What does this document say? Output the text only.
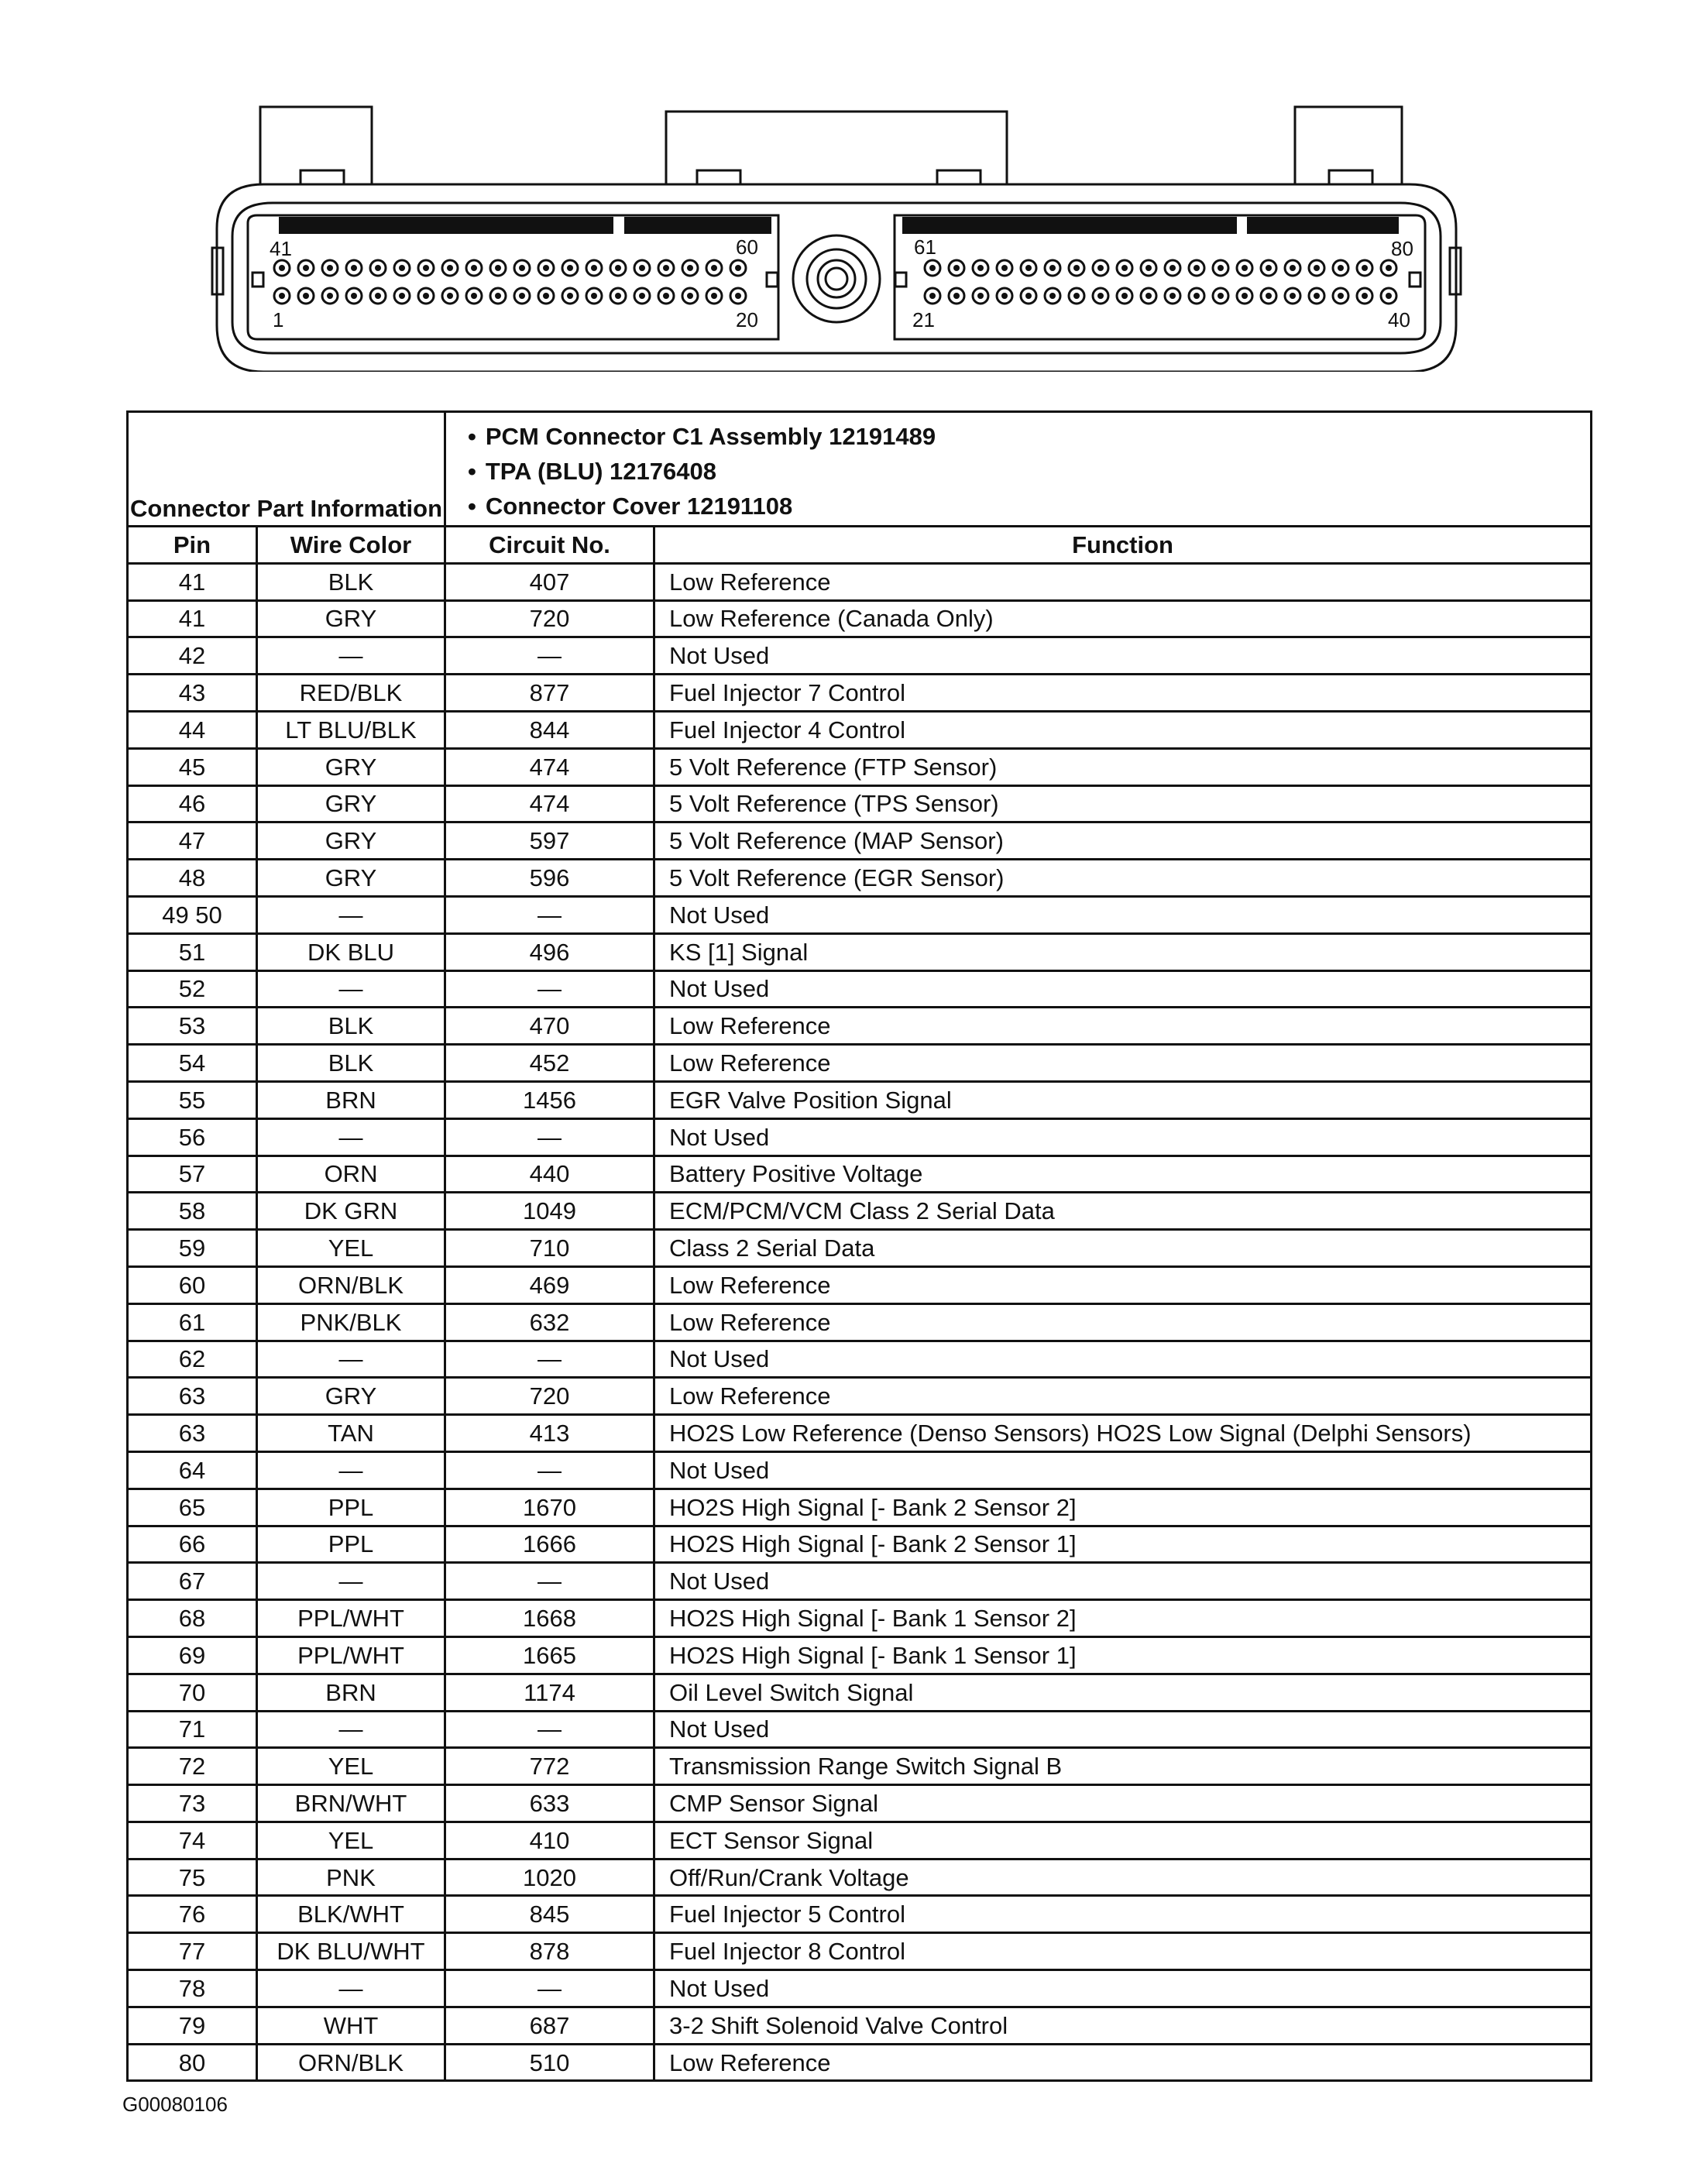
41	60
1	20
61	80
21	40
Connector Part Information		• PCM Connector C1 Assembly 12191489
• TPA (BLU) 12176408
• Connector Cover 12191108

Pin	Wire Color	Circuit No.	Function
41	BLK	407	Low Reference
41	GRY	720	Low Reference (Canada Only)
42	—	—	Not Used
43	RED/BLK	877	Fuel Injector 7 Control
44	LT BLU/BLK	844	Fuel Injector 4 Control
45	GRY	474	5 Volt Reference (FTP Sensor)
46	GRY	474	5 Volt Reference (TPS Sensor)
47	GRY	597	5 Volt Reference (MAP Sensor)
48	GRY	596	5 Volt Reference (EGR Sensor)
49 50	—	—	Not Used
51	DK BLU	496	KS [1] Signal
52	—	—	Not Used
53	BLK	470	Low Reference
54	BLK	452	Low Reference
55	BRN	1456	EGR Valve Position Signal
56	—	—	Not Used
57	ORN	440	Battery Positive Voltage
58	DK GRN	1049	ECM/PCM/VCM Class 2 Serial Data
59	YEL	710	Class 2 Serial Data
60	ORN/BLK	469	Low Reference
61	PNK/BLK	632	Low Reference
62	—	—	Not Used
63	GRY	720	Low Reference
63	TAN	413	HO2S Low Reference (Denso Sensors) HO2S Low Signal (Delphi Sensors)
64	—	—	Not Used
65	PPL	1670	HO2S High Signal [- Bank 2 Sensor 2]
66	PPL	1666	HO2S High Signal [- Bank 2 Sensor 1]
67	—	—	Not Used
68	PPL/WHT	1668	HO2S High Signal [- Bank 1 Sensor 2]
69	PPL/WHT	1665	HO2S High Signal [- Bank 1 Sensor 1]
70	BRN	1174	Oil Level Switch Signal
71	—	—	Not Used
72	YEL	772	Transmission Range Switch Signal B
73	BRN/WHT	633	CMP Sensor Signal
74	YEL	410	ECT Sensor Signal
75	PNK	1020	Off/Run/Crank Voltage
76	BLK/WHT	845	Fuel Injector 5 Control
77	DK BLU/WHT	878	Fuel Injector 8 Control
78	—	—	Not Used
79	WHT	687	3-2 Shift Solenoid Valve Control
80	ORN/BLK	510	Low Reference
G00080106
